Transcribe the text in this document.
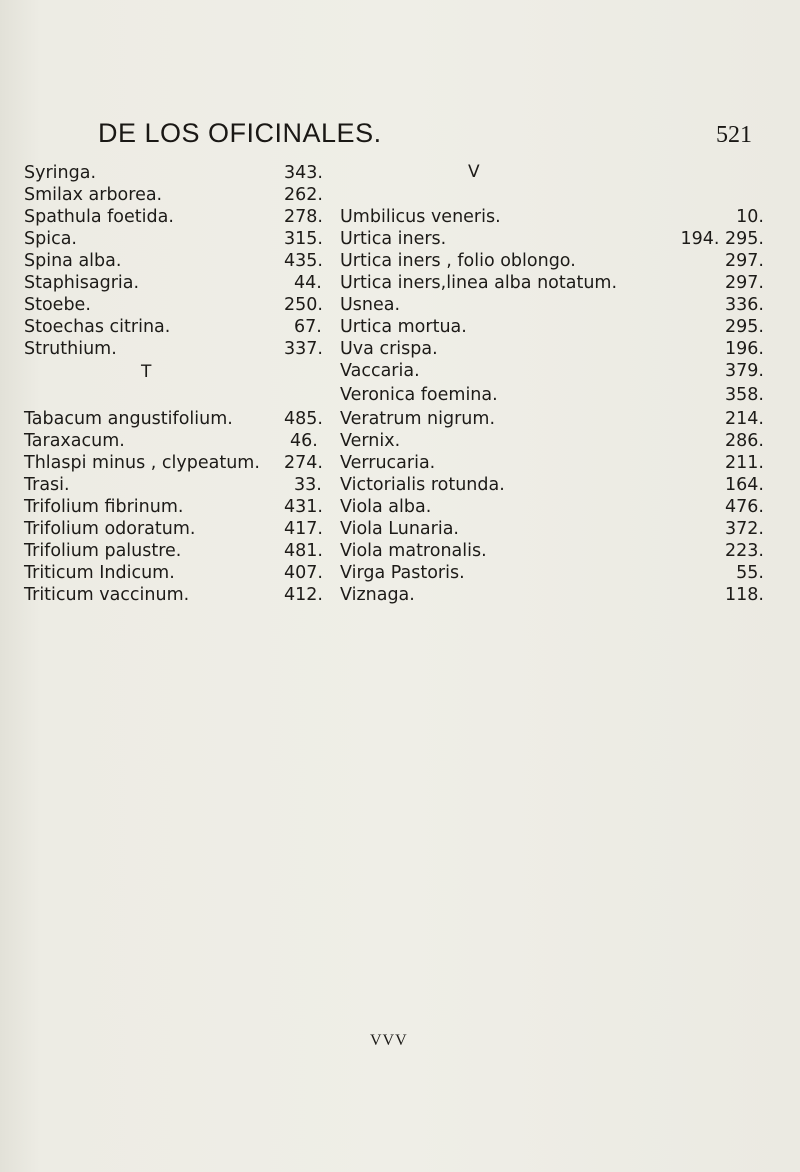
DE LOS OFICINALES.	521
Syringa.	343.
Smilax arborea.	262.
Spathula foetida.	278.
Spica.	315.
Spina alba.	435.
Staphisagria.	44.
Stoebe.	250.
Stoechas citrina.	67.
Struthium.	337.
T
Tabacum angustifolium.	485.
Taraxacum.	46.
Thlaspi minus , clypeatum. 274.
Trasi.	33.
Trifolium fibrinum.	431.
Trifolium odoratum.	417.
Trifolium palustre.	481.
Triticum Indicum.	407.
Triticum vaccinum.	412.
V
Umbilicus veneris.	10.
Urtica iners.	194. 295.
Urtica iners , folio oblongo.	297.
Urtica iners,linea alba notatum.	297.
Usnea.	336.
Urtica mortua.	295.
Uva crispa.	196.
Vaccaria.	379.
Veronica foemina.	358.
Veratrum nigrum.	214.
Vernix.	286.
Verrucaria.	211.
Victorialis rotunda.	164.
Viola alba.	476.
Viola Lunaria.	372.
Viola matronalis.	223.
Virga Pastoris.	55.
Viznaga.	118.
VVV
